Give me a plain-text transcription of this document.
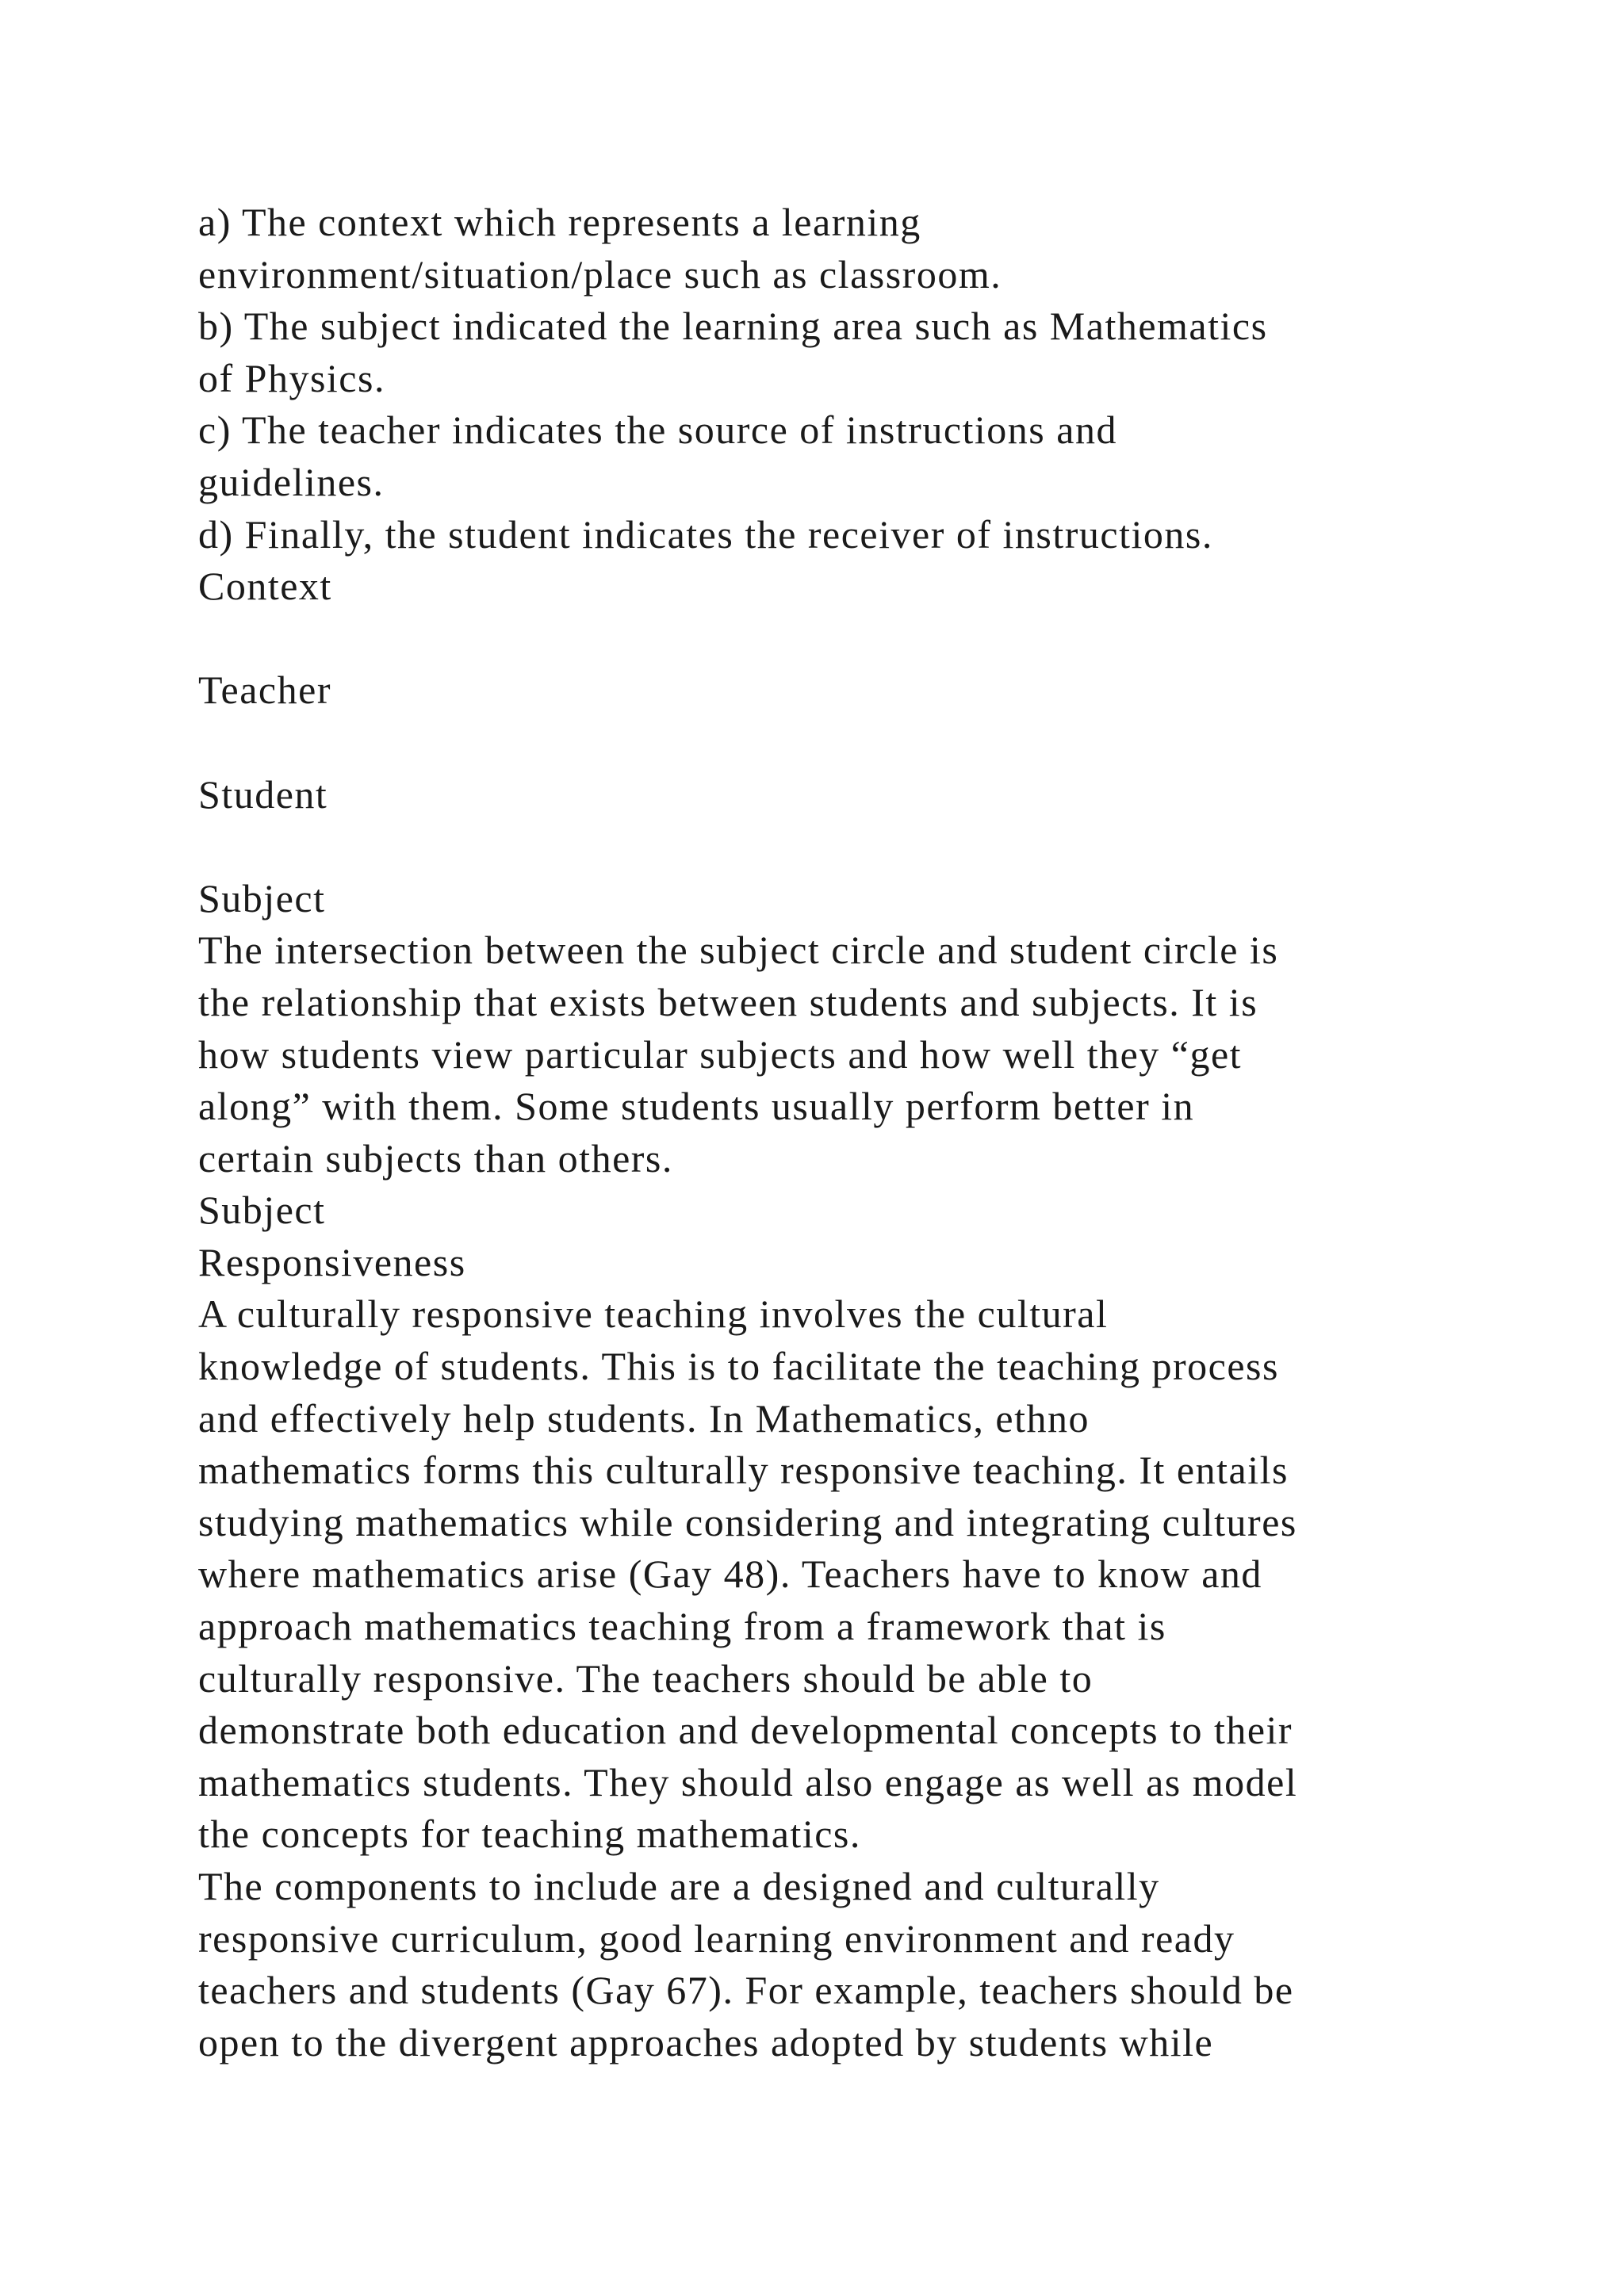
a) The context which represents a learning
environment/situation/place such as classroom.
b) The subject indicated the learning area such as Mathematics
of Physics.
c) The teacher indicates the source of instructions and
guidelines.
d) Finally, the student indicates the receiver of instructions.
Context
Teacher
Student
Subject
The intersection between the subject circle and student circle is
the relationship that exists between students and subjects. It is
how students view particular subjects and how well they “get
along” with them. Some students usually perform better in
certain subjects than others.
Subject
Responsiveness
A culturally responsive teaching involves the cultural
knowledge of students. This is to facilitate the teaching process
and effectively help students. In Mathematics, ethno
mathematics forms this culturally responsive teaching. It entails
studying mathematics while considering and integrating cultures
where mathematics arise (Gay 48). Teachers have to know and
approach mathematics teaching from a framework that is
culturally responsive. The teachers should be able to
demonstrate both education and developmental concepts to their
mathematics students. They should also engage as well as model
the concepts for teaching mathematics.
The components to include are a designed and culturally
responsive curriculum, good learning environment and ready
teachers and students (Gay 67). For example, teachers should be
open to the divergent approaches adopted by students while
